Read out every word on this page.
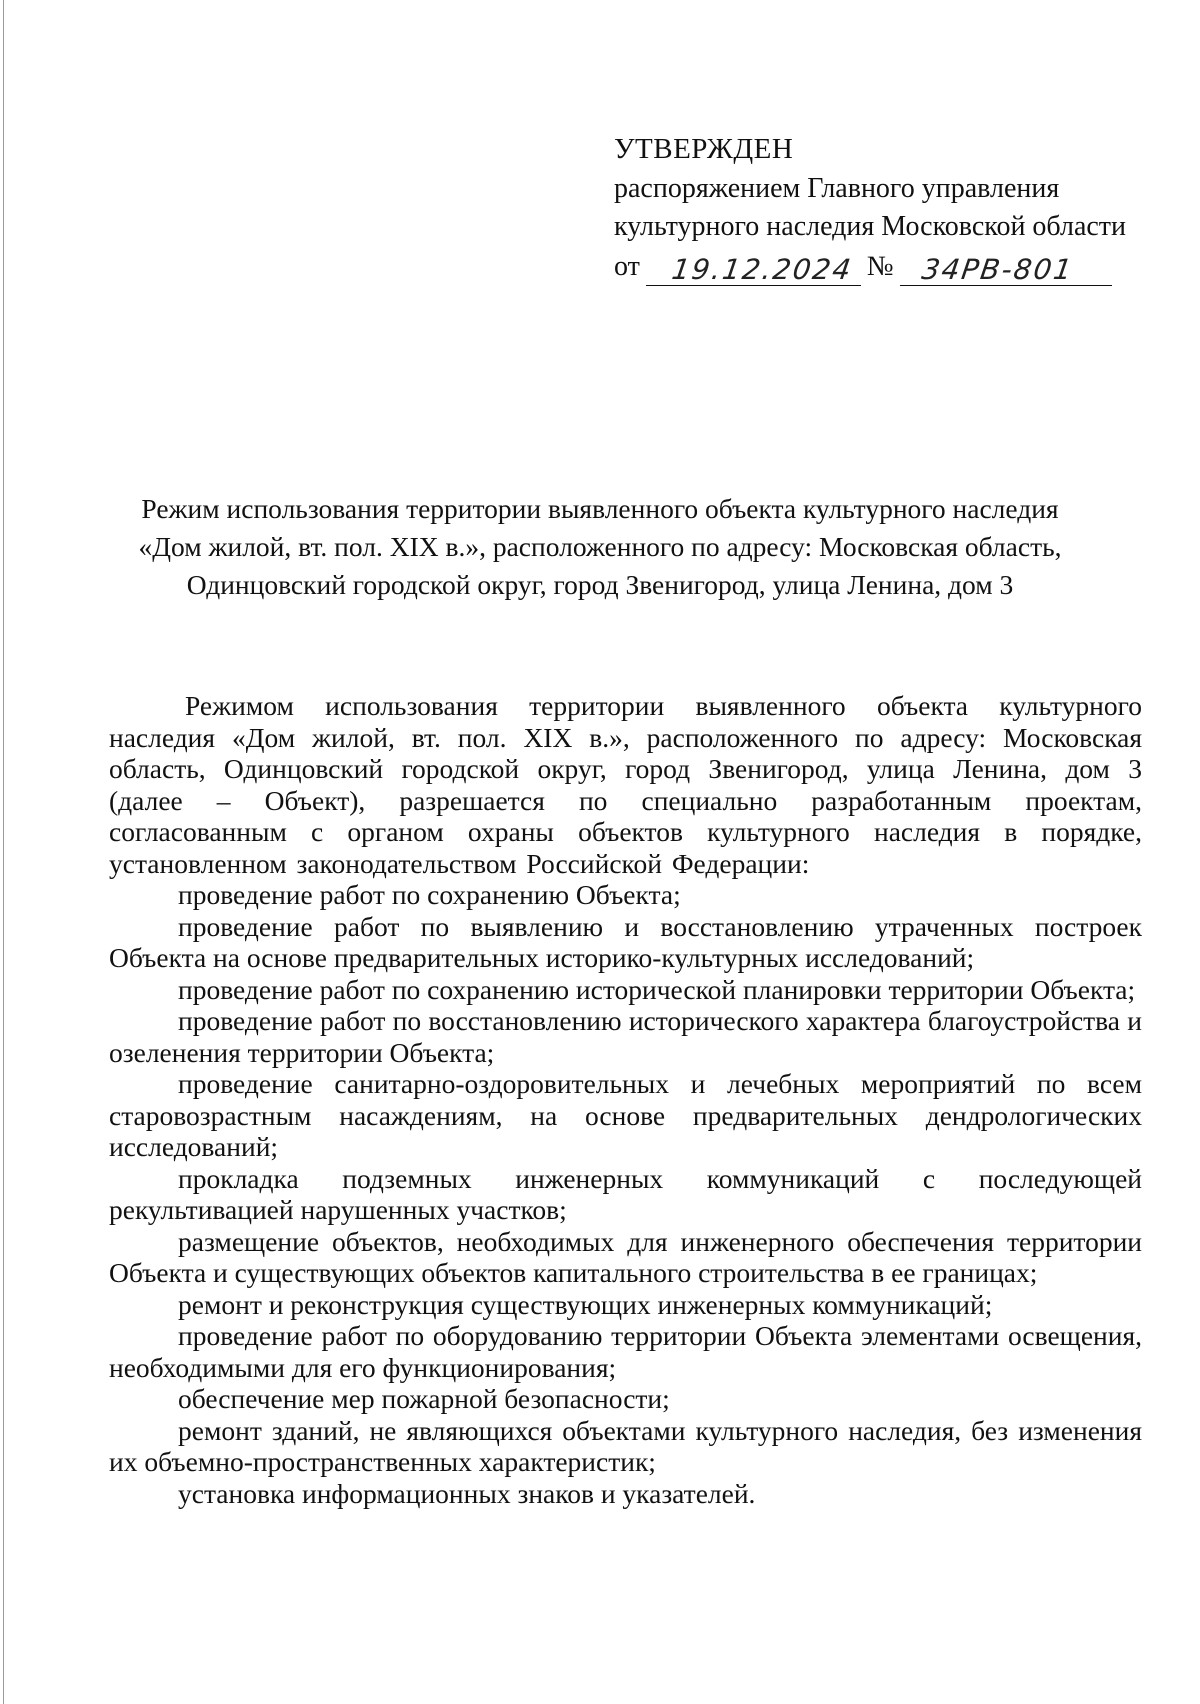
УТВЕРЖДЕН
распоряжением Главного управления
культурного наследия Московской области
от 19.12.2024 № 34РВ-801
Режим использования территории выявленного объекта культурного наследия
«Дом жилой, вт. пол. XIX в.», расположенного по адресу: Московская область,
Одинцовский городской округ, город Звенигород, улица Ленина, дом 3

Режимом использования территории выявленного объекта культурного наследия «Дом жилой, вт. пол. XIX в.», расположенного по адресу: Московская область, Одинцовский городской округ, город Звенигород, улица Ленина, дом 3 (далее – Объект), разрешается по специально разработанным проектам, согласованным с органом охраны объектов культурного наследия в порядке, установленном законодательством Российской Федерации:

проведение работ по сохранению Объекта;

проведение работ по выявлению и восстановлению утраченных построек Объекта на основе предварительных историко-культурных исследований;

проведение работ по сохранению исторической планировки территории Объекта;

проведение работ по восстановлению исторического характера благоустройства и озеленения территории Объекта;

проведение санитарно-оздоровительных и лечебных мероприятий по всем старовозрастным насаждениям, на основе предварительных дендрологических исследований;

прокладка подземных инженерных коммуникаций с последующей рекультивацией нарушенных участков;

размещение объектов, необходимых для инженерного обеспечения территории Объекта и существующих объектов капитального строительства в ее границах;

ремонт и реконструкция существующих инженерных коммуникаций;

проведение работ по оборудованию территории Объекта элементами освещения, необходимыми для его функционирования;

обеспечение мер пожарной безопасности;

ремонт зданий, не являющихся объектами культурного наследия, без изменения их объемно-пространственных характеристик;

установка информационных знаков и указателей.
